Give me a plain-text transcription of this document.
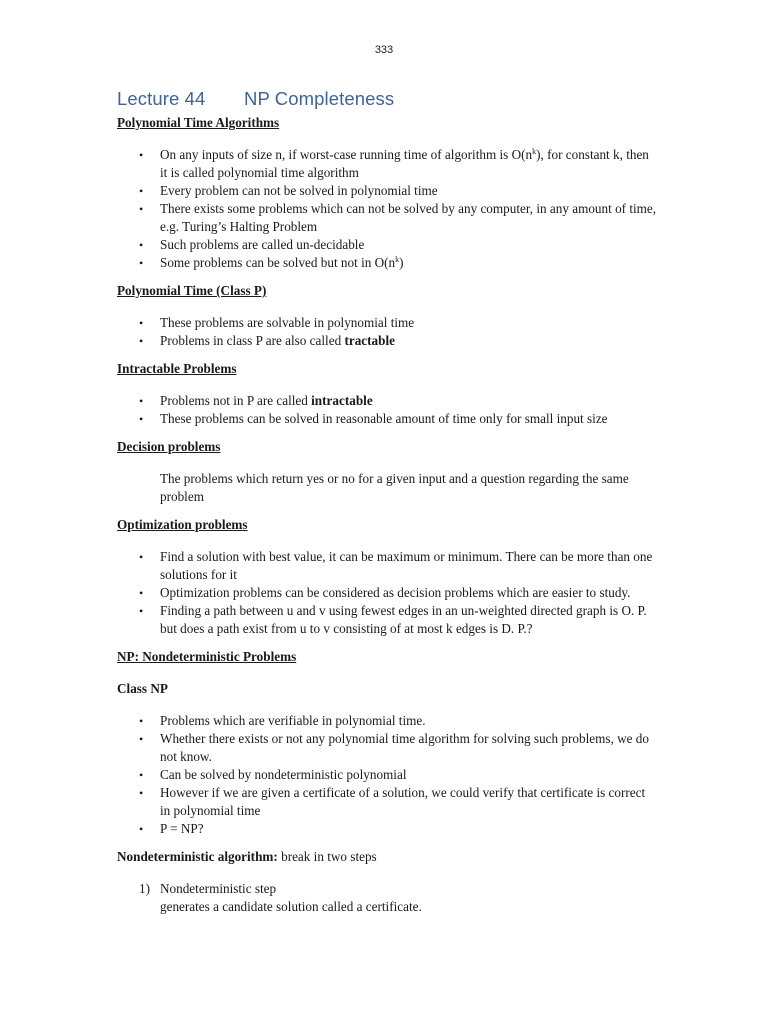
333
Lecture 44 NP Completeness

Polynomial Time Algorithms

• On any inputs of size n, if worst-case running time of algorithm is $O(n^k)$, for constant k, then it is called polynomial time algorithm
• Every problem can not be solved in polynomial time
• There exists some problems which can not be solved by any computer, in any amount of time, e.g. Turing’s Halting Problem
• Such problems are called un-decidable
• Some problems can be solved but not in $O(n^k)$

Polynomial Time (Class P)

• These problems are solvable in polynomial time
• Problems in class P are also called tractable

Intractable Problems

• Problems not in P are called intractable
• These problems can be solved in reasonable amount of time only for small input size

Decision problems

The problems which return yes or no for a given input and a question regarding the same problem

Optimization problems

• Find a solution with best value, it can be maximum or minimum. There can be more than one solutions for it
• Optimization problems can be considered as decision problems which are easier to study.
• Finding a path between u and v using fewest edges in an un-weighted directed graph is O. P. but does a path exist from u to v consisting of at most k edges is D. P.?

NP: Nondeterministic Problems

Class NP

• Problems which are verifiable in polynomial time.
• Whether there exists or not any polynomial time algorithm for solving such problems, we do not know.
• Can be solved by nondeterministic polynomial
• However if we are given a certificate of a solution, we could verify that certificate is correct in polynomial time
• P = NP?

Nondeterministic algorithm: break in two steps

1) Nondeterministic step
generates a candidate solution called a certificate.
